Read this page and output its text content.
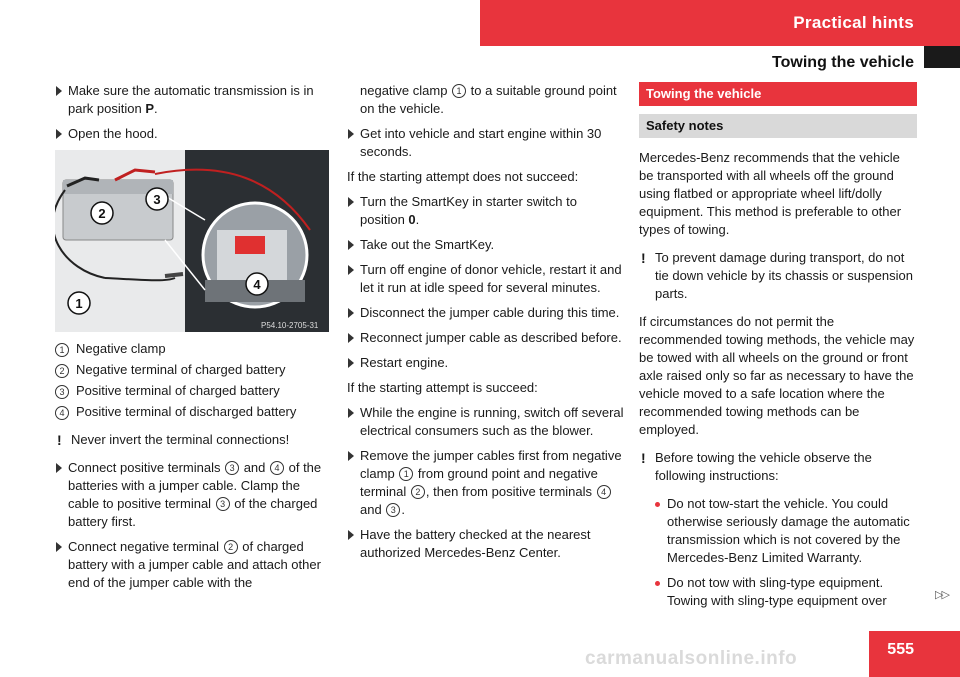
Practical hints
Towing the vehicle
Make sure the automatic transmission is in park position P.
Open the hood.
1
2
3
4
P54.10-2705-31
1 Negative clamp
2 Negative terminal of charged battery
3 Positive terminal of charged battery
4 Positive terminal of discharged battery
! Never invert the terminal connections!
Connect positive terminals 3 and 4 of the batteries with a jumper cable. Clamp the cable to positive terminal 3 of the charged battery first.
Connect negative terminal 2 of charged battery with a jumper cable and attach other end of the jumper cable with the
negative clamp 1 to a suitable ground point on the vehicle.
Get into vehicle and start engine within 30 seconds.
If the starting attempt does not succeed:
Turn the SmartKey in starter switch to position 0.
Take out the SmartKey.
Turn off engine of donor vehicle, restart it and let it run at idle speed for several minutes.
Disconnect the jumper cable during this time.
Reconnect jumper cable as described before.
Restart engine.
If the starting attempt is succeed:
While the engine is running, switch off several electrical consumers such as the blower.
Remove the jumper cables first from negative clamp 1 from ground point and negative terminal 2 , then from positive terminals 4 and 3 .
Have the battery checked at the nearest authorized Mercedes-Benz Center.
Towing the vehicle
Safety notes
Mercedes-Benz recommends that the vehicle be transported with all wheels off the ground using flatbed or appropriate wheel lift/dolly equipment. This method is preferable to other types of towing.
! To prevent damage during transport, do not tie down vehicle by its chassis or suspension parts.
If circumstances do not permit the recommended towing methods, the vehicle may be towed with all wheels on the ground or front axle raised only so far as necessary to have the vehicle moved to a safe location where the recommended towing methods can be employed.
! Before towing the vehicle observe the following instructions:
Do not tow-start the vehicle. You could otherwise seriously damage the automatic transmission which is not covered by the Mercedes-Benz Limited Warranty.
Do not tow with sling-type equipment. Towing with sling-type equipment over	▷▷
carmanualsonline.info	555
